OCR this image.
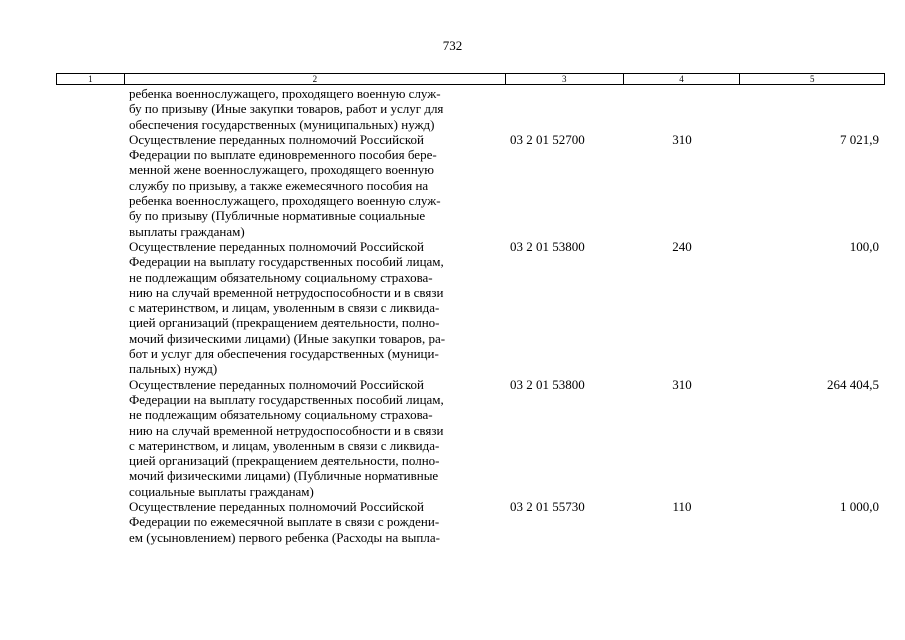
732
1	2	3	4	5
ребенка военнослужащего, проходящего военную служ-
бу по призыву (Иные закупки товаров, работ и услуг для
обеспечения государственных (муниципальных) нужд)
Осуществление переданных полномочий Российской
Федерации по выплате единовременного пособия бере-
менной жене военнослужащего, проходящего военную
службу по призыву, а также ежемесячного пособия на
ребенка военнослужащего, проходящего военную служ-
бу по призыву (Публичные нормативные социальные
выплаты гражданам)
03 2 01 52700	310	7 021,9
Осуществление переданных полномочий Российской
Федерации на выплату государственных пособий лицам,
не подлежащим обязательному социальному страхова-
нию на случай временной нетрудоспособности и в связи
с материнством, и лицам, уволенным в связи с ликвида-
цией организаций (прекращением деятельности, полно-
мочий физическими лицами) (Иные закупки товаров, ра-
бот и услуг для обеспечения государственных (муници-
пальных) нужд)
03 2 01 53800	240	100,0
Осуществление переданных полномочий Российской
Федерации на выплату государственных пособий лицам,
не подлежащим обязательному социальному страхова-
нию на случай временной нетрудоспособности и в связи
с материнством, и лицам, уволенным в связи с ликвида-
цией организаций (прекращением деятельности, полно-
мочий физическими лицами) (Публичные нормативные
социальные выплаты гражданам)
03 2 01 53800	310	264 404,5
Осуществление переданных полномочий Российской
Федерации по ежемесячной выплате в связи с рождени-
ем (усыновлением) первого ребенка (Расходы на выпла-
03 2 01 55730	110	1 000,0
